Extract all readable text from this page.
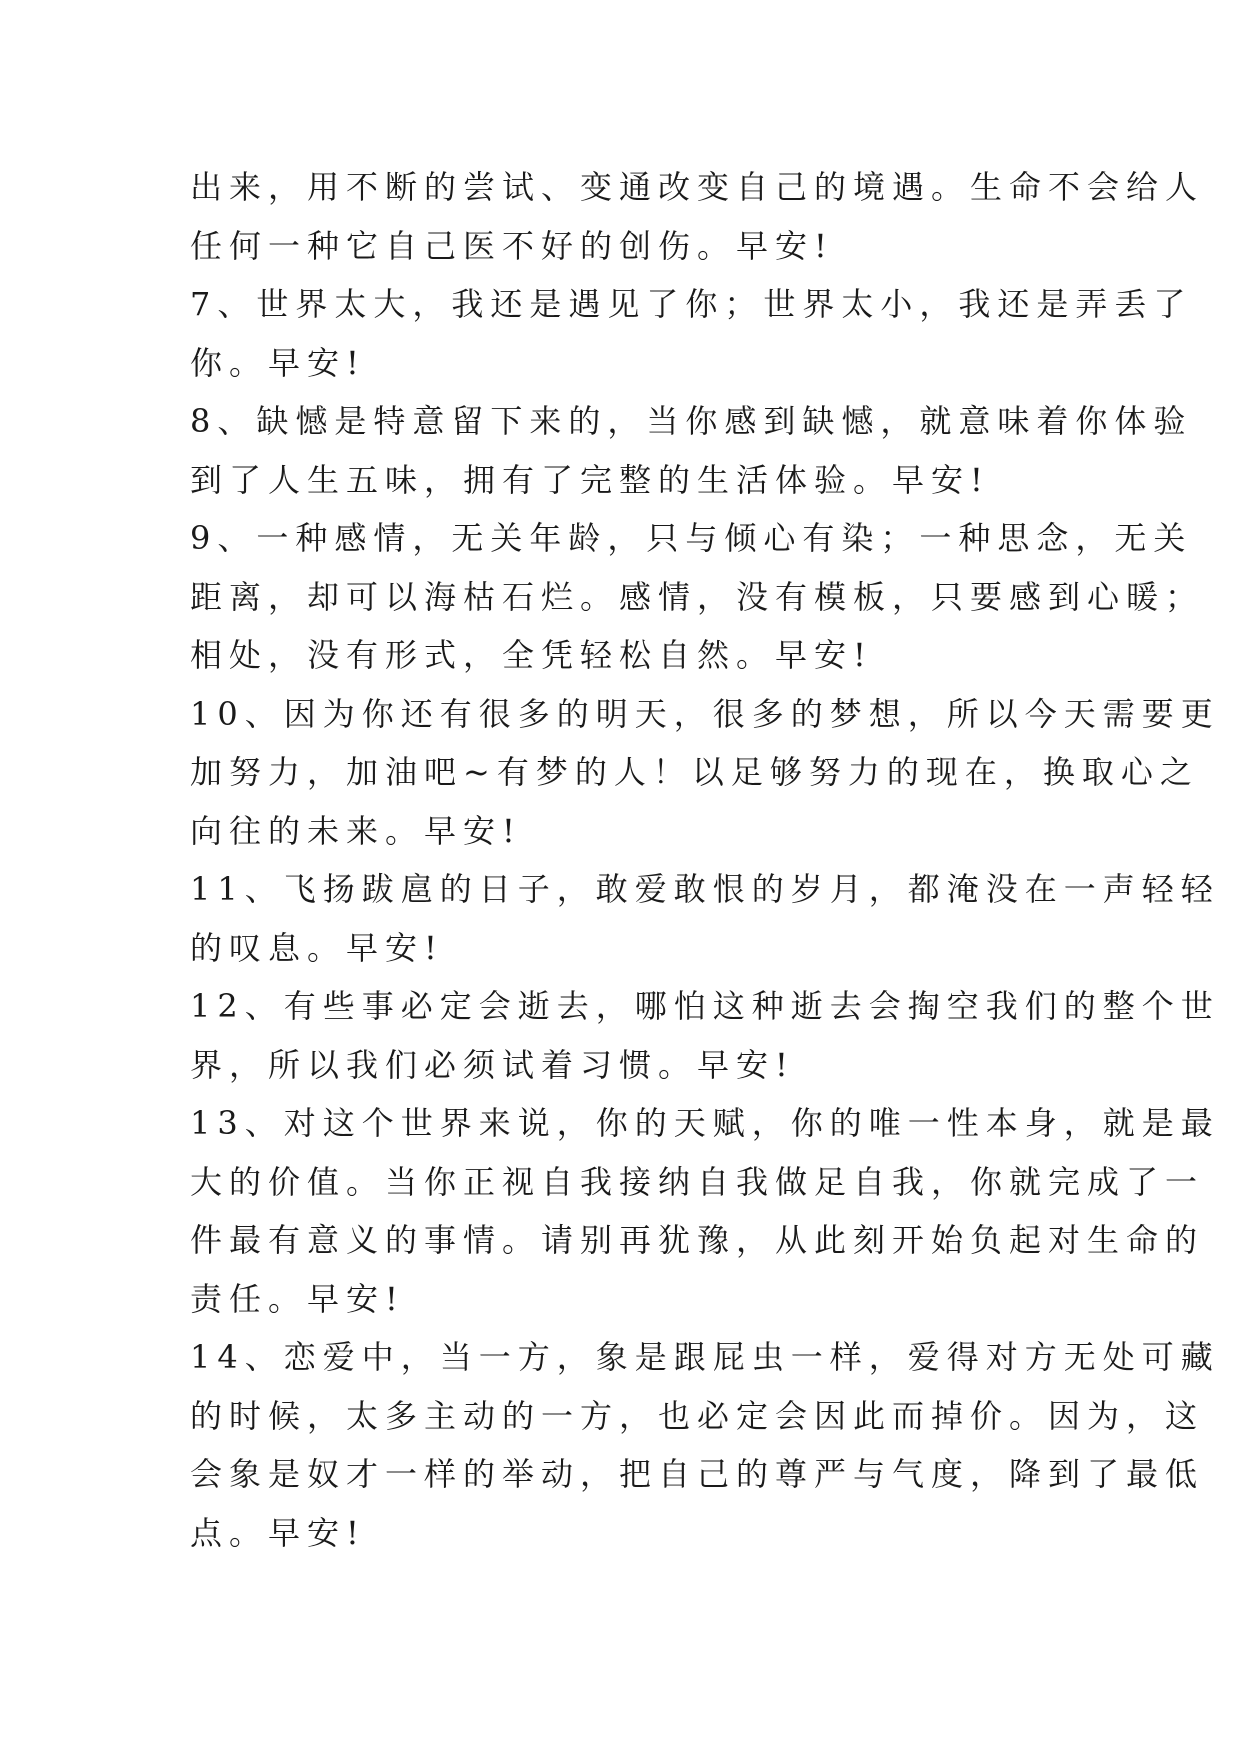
出来，用不断的尝试、变通改变自己的境遇。生命不会给人
任何一种它自己医不好的创伤。早安!
7、世界太大，我还是遇见了你；世界太小，我还是弄丢了
你。早安!
8、缺憾是特意留下来的，当你感到缺憾，就意味着你体验
到了人生五味，拥有了完整的生活体验。早安!
9、一种感情，无关年龄，只与倾心有染；一种思念，无关
距离，却可以海枯石烂。感情，没有模板，只要感到心暖；
相处，没有形式，全凭轻松自然。早安!
10、因为你还有很多的明天，很多的梦想，所以今天需要更
加努力，加油吧~有梦的人！以足够努力的现在，换取心之
向往的未来。早安!
11、飞扬跋扈的日子，敢爱敢恨的岁月，都淹没在一声轻轻
的叹息。早安!
12、有些事必定会逝去，哪怕这种逝去会掏空我们的整个世
界，所以我们必须试着习惯。早安!
13、对这个世界来说，你的天赋，你的唯一性本身，就是最
大的价值。当你正视自我接纳自我做足自我，你就完成了一
件最有意义的事情。请别再犹豫，从此刻开始负起对生命的
责任。早安!
14、恋爱中，当一方，象是跟屁虫一样，爱得对方无处可藏
的时候，太多主动的一方，也必定会因此而掉价。因为，这
会象是奴才一样的举动，把自己的尊严与气度，降到了最低
点。早安!
